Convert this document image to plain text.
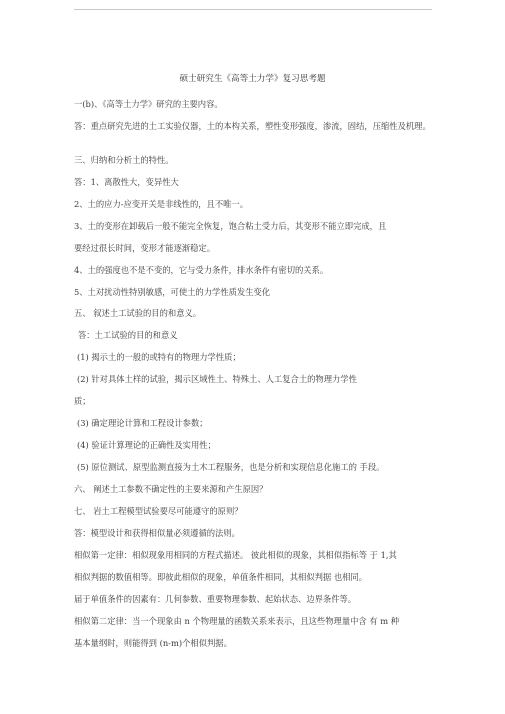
硕士研究生《高等土力学》复习思考题
一(b)、《高等土力学》研究的主要内容。
答：重点研究先进的土工实验仪器，土的本构关系，塑性变形强度，渗流，固结，压缩性及机理。
三、归纳和分析土的特性。
答：1、离散性大，变异性大
2、土的应力-应变开关是非线性的，且不唯一。
3、土的变形在卸载后一般不能完全恢复，饱合粘土受力后，其变形不能立即完成，且
要经过很长时间，变形才能逐渐稳定。
4、土的强度也不是不变的，它与受力条件，排水条件有密切的关系。
5、土对扰动性特别敏感，可使土的力学性质发生变化
五、 叙述土工试验的目的和意义。
答：土工试验的目的和意义
(1) 揭示土的一般的或特有的物理力学性质；
(2) 针对具体土样的试验，揭示区域性土、特殊土、人工复合土的物理力学性
质；
(3) 确定理论计算和工程设计参数；
(4) 验证计算理论的正确性及实用性；
(5) 原位测试、原型监测直接为土木工程服务，也是分析和实现信息化施工的 手段。
六、 阐述土工参数不确定性的主要来源和产生原因？
七、 岩土工程模型试验要尽可能遵守的原则？
答：模型设计和获得相似量必须遵循的法则。
相似第一定律：相似现象用相同的方程式描述。 彼此相似的现象，其相似指标等 于 1,其
相似判据的数值相等。即彼此相似的现象，单值条件相同，其相似判据 也相同。
届于单值条件的因素有：几何参数、重要物理参数、起始状态、边界条件等。
相似第二定律：当一个现象由 n 个物理量的函数关系来表示，且这些物理量中含 有 m 种
基本量纲时，则能得到 (n-m)个相似判据。
